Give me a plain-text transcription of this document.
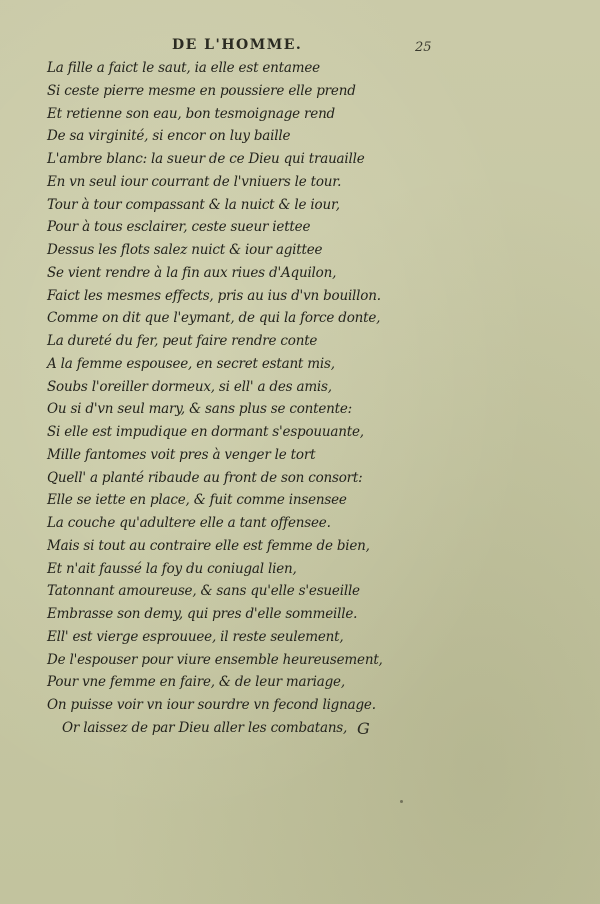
DE L'HOMME.	25
La fille a faict le saut, ia elle est entamee
Si ceste pierre mesme en poussiere elle prend
Et retienne son eau, bon tesmoignage rend
De sa virginité, si encor on luy baille
L'ambre blanc: la sueur de ce Dieu qui trauaille
En vn seul iour courrant de l'vniuers le tour.
Tour à tour compassant & la nuict & le iour,
Pour à tous esclairer, ceste sueur iettee
Dessus les flots salez nuict & iour agittee
Se vient rendre à la fin aux riues d'Aquilon,
Faict les mesmes effects, pris au ius d'vn bouillon.
Comme on dit que l'eymant, de qui la force donte,
La dureté du fer, peut faire rendre conte
A la femme espousee, en secret estant mis,
Soubs l'oreiller dormeux, si ell' a des amis,
Ou si d'vn seul mary, & sans plus se contente:
Si elle est impudique en dormant s'espouuante,
Mille fantomes voit pres à venger le tort
Quell' a planté ribaude au front de son consort:
Elle se iette en place, & fuit comme insensee
La couche qu'adultere elle a tant offensee.
Mais si tout au contraire elle est femme de bien,
Et n'ait faussé la foy du coniugal lien,
Tatonnant amoureuse, & sans qu'elle s'esueille
Embrasse son demy, qui pres d'elle sommeille.
Ell' est vierge esprouuee, il reste seulement,
De l'espouser pour viure ensemble heureusement,
Pour vne femme en faire, & de leur mariage,
On puisse voir vn iour sourdre vn fecond lignage.
Or laissez de par Dieu aller les combatans, G
